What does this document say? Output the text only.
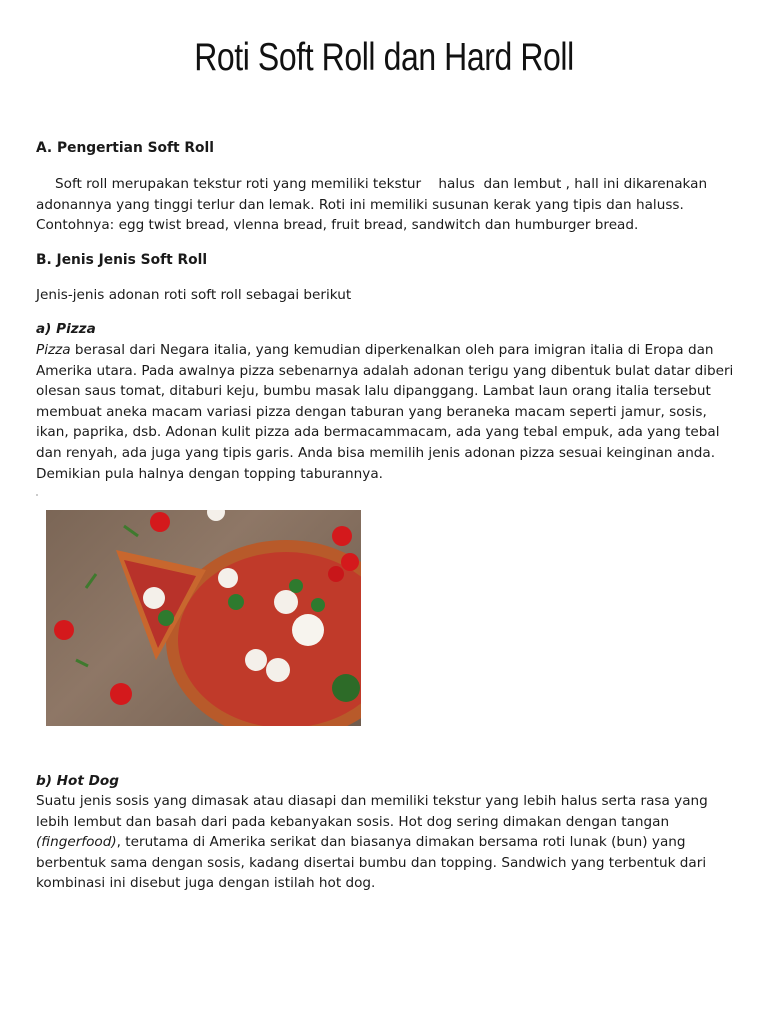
Roti Soft Roll dan Hard Roll
A. Pengertian Soft Roll
Soft roll merupakan tekstur roti yang memiliki tekstur    halus  dan lembut , hall ini dikarenakan adonannya yang tinggi terlur dan lemak. Roti ini memiliki susunan kerak yang tipis dan haluss. Contohnya: egg twist bread, vlenna bread, fruit bread, sandwitch dan humburger bread.
B. Jenis Jenis Soft Roll
Jenis-jenis adonan roti soft roll sebagai berikut
a) Pizza
Pizza berasal dari Negara italia, yang kemudian diperkenalkan oleh para imigran italia di Eropa dan Amerika utara. Pada awalnya pizza sebenarnya adalah adonan terigu yang dibentuk bulat datar diberi olesan saus tomat, ditaburi keju, bumbu masak lalu dipanggang. Lambat laun orang italia tersebut membuat aneka macam variasi pizza dengan taburan yang beraneka macam seperti jamur, sosis, ikan, paprika, dsb. Adonan kulit pizza ada bermacammacam, ada yang tebal empuk, ada yang tebal dan renyah, ada juga yang tipis garis. Anda bisa memilih jenis adonan pizza sesuai keinginan anda. Demikian pula halnya dengan topping taburannya.
b) Hot Dog
Suatu jenis sosis yang dimasak atau diasapi dan memiliki tekstur yang lebih halus serta rasa yang lebih lembut dan basah dari pada kebanyakan sosis. Hot dog sering dimakan dengan tangan (fingerfood), terutama di Amerika serikat dan biasanya dimakan bersama roti lunak (bun) yang berbentuk sama dengan sosis, kadang disertai bumbu dan topping. Sandwich yang terbentuk dari kombinasi ini disebut juga dengan istilah hot dog.
